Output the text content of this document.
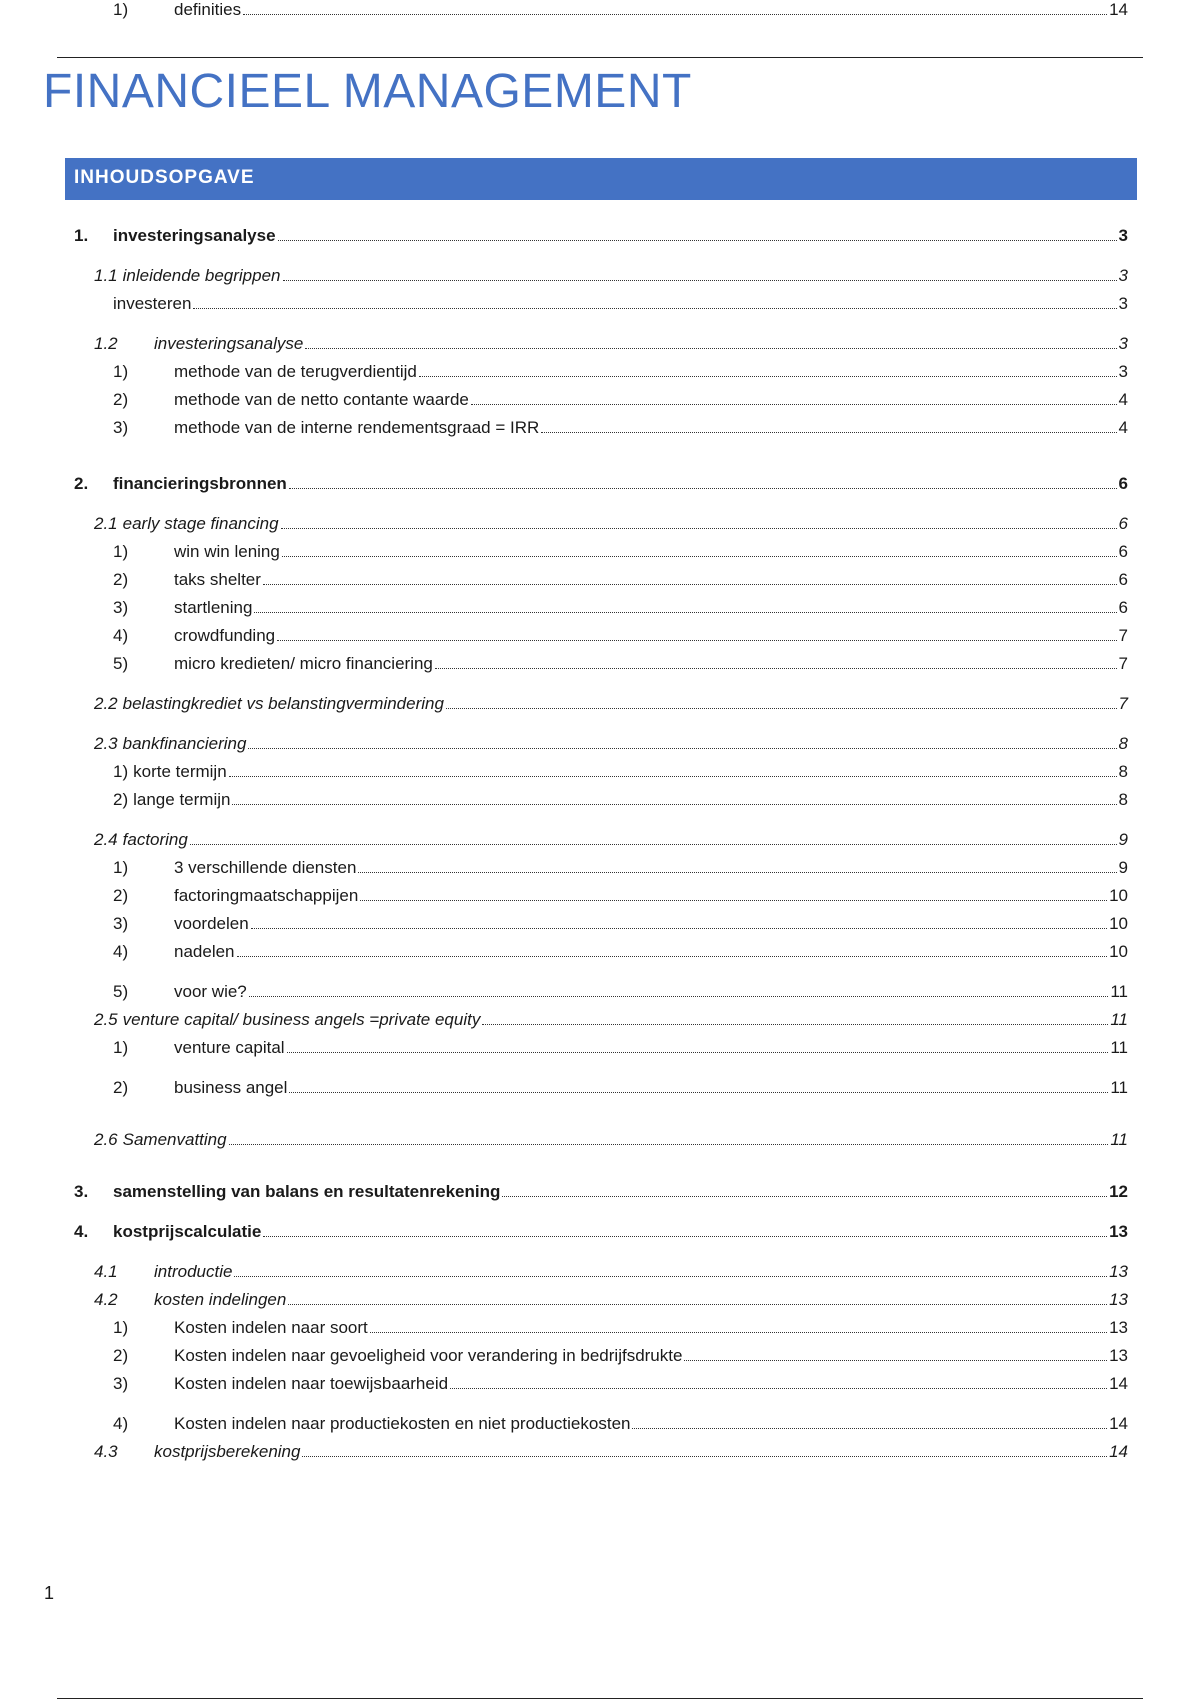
FINANCIEEL MANAGEMENT
INHOUDSOPGAVE
1. investeringsanalyse	3
1.1 inleidende begrippen	3
investeren	3
1.2 investeringsanalyse	3
1)	methode van de terugverdientijd	3
2)	methode van de netto contante waarde	4
3)	methode van de interne rendementsgraad = IRR	4
2. financieringsbronnen	6
2.1 early stage financing	6
1)	win win lening	6
2)	taks shelter	6
3)	startlening	6
4)	crowdfunding	7
5)	micro kredieten/ micro financiering	7
2.2 belastingkrediet vs belanstingvermindering	7
2.3 bankfinanciering	8
1) korte termijn	8
2) lange termijn	8
2.4 factoring	9
1)	3 verschillende diensten	9
2)	factoringmaatschappijen	10
3)	voordelen	10
4)	nadelen	10
5)	voor wie?	11
2.5 venture capital/ business angels =private equity	11
1)	venture capital	11
2)	business angel	11
2.6 Samenvatting	11
3. samenstelling van balans en resultatenrekening	12
4. kostprijscalculatie	13
4.1 introductie	13
4.2 kosten indelingen	13
1)	Kosten indelen naar soort	13
2)	Kosten indelen naar gevoeligheid voor verandering in bedrijfsdrukte	13
3)	Kosten indelen naar toewijsbaarheid	14
4)	Kosten indelen naar productiekosten en niet productiekosten	14
4.3 kostprijsberekening	14
1)	definities	14
1
